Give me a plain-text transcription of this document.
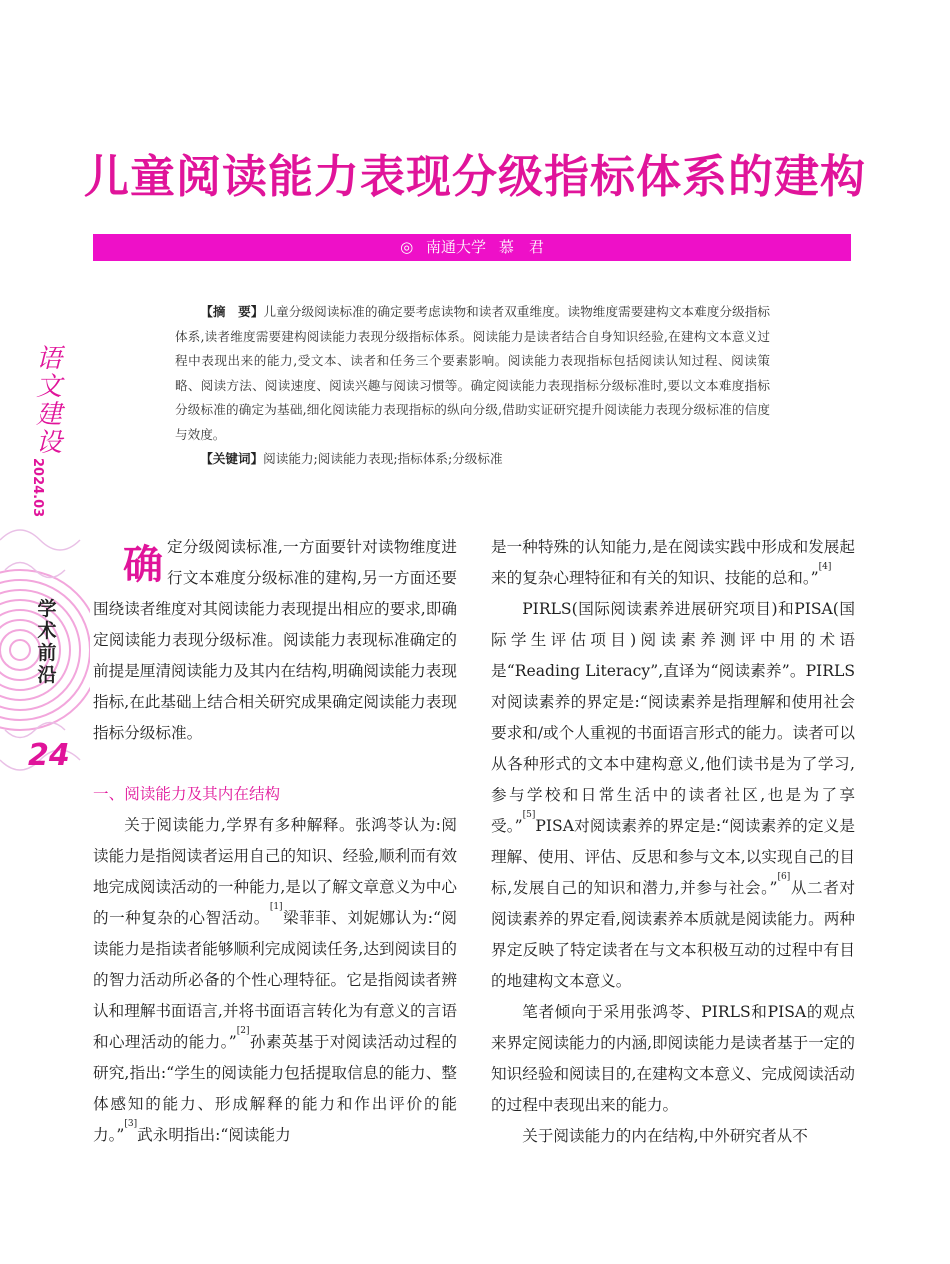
儿童阅读能力表现分级指标体系的建构
◎ 南通大学 慕　君
【摘　要】儿童分级阅读标准的确定要考虑读物和读者双重维度。读物维度需要建构文本难度分级指标体系,读者维度需要建构阅读能力表现分级指标体系。阅读能力是读者结合自身知识经验,在建构文本意义过程中表现出来的能力,受文本、读者和任务三个要素影响。阅读能力表现指标包括阅读认知过程、阅读策略、阅读方法、阅读速度、阅读兴趣与阅读习惯等。确定阅读能力表现指标分级标准时,要以文本难度指标分级标准的确定为基础,细化阅读能力表现指标的纵向分级,借助实证研究提升阅读能力表现分级标准的信度与效度。
【关键词】阅读能力;阅读能力表现;指标体系;分级标准
语
文
建
设
2024.03
学术前沿
24

确定分级阅读标准,一方面要针对读物维度进行文本难度分级标准的建构,另一方面还要围绕读者维度对其阅读能力表现提出相应的要求,即确定阅读能力表现分级标准。阅读能力表现标准确定的前提是厘清阅读能力及其内在结构,明确阅读能力表现指标,在此基础上结合相关研究成果确定阅读能力表现指标分级标准。

一、阅读能力及其内在结构

关于阅读能力,学界有多种解释。张鸿苓认为:阅读能力是指阅读者运用自己的知识、经验,顺利而有效地完成阅读活动的一种能力,是以了解文章意义为中心的一种复杂的心智活动。[1]梁菲菲、刘妮娜认为:“阅读能力是指读者能够顺利完成阅读任务,达到阅读目的的智力活动所必备的个性心理特征。它是指阅读者辨认和理解书面语言,并将书面语言转化为有意义的言语和心理活动的能力。”[2]孙素英基于对阅读活动过程的研究,指出:“学生的阅读能力包括提取信息的能力、整体感知的能力、形成解释的能力和作出评价的能力。”[3]武永明指出:“阅读能力

是一种特殊的认知能力,是在阅读实践中形成和发展起来的复杂心理特征和有关的知识、技能的总和。”[4]

PIRLS(国际阅读素养进展研究项目)和PISA(国际学生评估项目)阅读素养测评中用的术语是“Reading Literacy”,直译为“阅读素养”。PIRLS对阅读素养的界定是:“阅读素养是指理解和使用社会要求和/或个人重视的书面语言形式的能力。读者可以从各种形式的文本中建构意义,他们读书是为了学习,参与学校和日常生活中的读者社区,也是为了享受。”[5]PISA对阅读素养的界定是:“阅读素养的定义是理解、使用、评估、反思和参与文本,以实现自己的目标,发展自己的知识和潜力,并参与社会。”[6]从二者对阅读素养的界定看,阅读素养本质就是阅读能力。两种界定反映了特定读者在与文本积极互动的过程中有目的地建构文本意义。

笔者倾向于采用张鸿苓、PIRLS和PISA的观点来界定阅读能力的内涵,即阅读能力是读者基于一定的知识经验和阅读目的,在建构文本意义、完成阅读活动的过程中表现出来的能力。

关于阅读能力的内在结构,中外研究者从不
